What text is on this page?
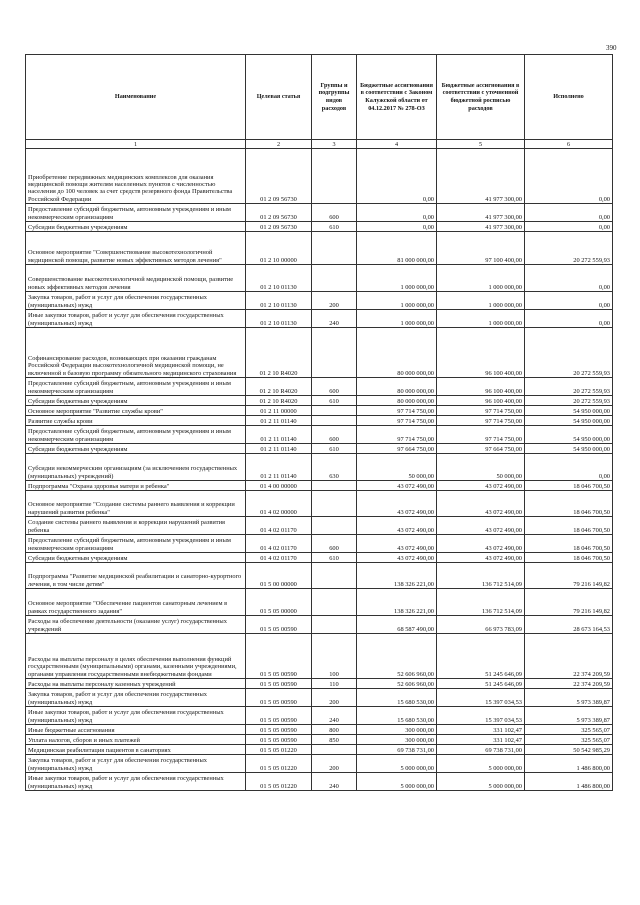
390
Наименование	Целевая статья	Группы и подгруппы видов расходов	Бюджетные ассигнования в соответствии с Законом Калужской области от 04.12.2017 № 278-ОЗ	Бюджетные ассигнования в соответствии с уточненной бюджетной росписью расходов	Исполнено
1	2	3	4	5	6
Приобретение передвижных медицинских комплексов для оказания медицинской помощи жителям населенных пунктов с численностью населения до 100 человек за счет средств резервного фонда Правительства Российской Федерации	01 2 09 56730		0,00	41 977 300,00	0,00
Предоставление субсидий бюджетным, автономным учреждениям и иным некоммерческим организациям	01 2 09 56730	600	0,00	41 977 300,00	0,00
Субсидии бюджетным учреждениям	01 2 09 56730	610	0,00	41 977 300,00	0,00
Основное мероприятие "Совершенствование высокотехнологичной медицинской помощи, развитие новых эффективных методов лечения"	01 2 10 00000		81 000 000,00	97 100 400,00	20 272 559,93
Совершенствование высокотехнологичной медицинской помощи, развитие новых эффективных методов лечения	01 2 10 01130		1 000 000,00	1 000 000,00	0,00
Закупка товаров, работ и услуг для обеспечения государственных (муниципальных) нужд	01 2 10 01130	200	1 000 000,00	1 000 000,00	0,00
Иные закупки товаров, работ и услуг для обеспечения государственных (муниципальных) нужд	01 2 10 01130	240	1 000 000,00	1 000 000,00	0,00
Софинансирование расходов, возникающих при оказании гражданам Российской Федерации высокотехнологичной медицинской помощи, не включенной в базовую программу обязательного медицинского страхования	01 2 10 R4020		80 000 000,00	96 100 400,00	20 272 559,93
Предоставление субсидий бюджетным, автономным учреждениям и иным некоммерческим организациям	01 2 10 R4020	600	80 000 000,00	96 100 400,00	20 272 559,93
Субсидии бюджетным учреждениям	01 2 10 R4020	610	80 000 000,00	96 100 400,00	20 272 559,93
Основное мероприятие "Развитие службы крови"	01 2 11 00000		97 714 750,00	97 714 750,00	54 950 000,00
Развитие службы крови	01 2 11 01140		97 714 750,00	97 714 750,00	54 950 000,00
Предоставление субсидий бюджетным, автономным учреждениям и иным некоммерческим организациям	01 2 11 01140	600	97 714 750,00	97 714 750,00	54 950 000,00
Субсидии бюджетным учреждениям	01 2 11 01140	610	97 664 750,00	97 664 750,00	54 950 000,00
Субсидии некоммерческим организациям (за исключением государственных (муниципальных) учреждений)	01 2 11 01140	630	50 000,00	50 000,00	0,00
Подпрограмма "Охрана здоровья матери и ребенка"	01 4 00 00000		43 072 490,00	43 072 490,00	18 046 700,50
Основное мероприятие "Создание системы раннего выявления и коррекции нарушений развития ребенка"	01 4 02 00000		43 072 490,00	43 072 490,00	18 046 700,50
Создание системы раннего выявления и коррекции нарушений развития ребенка	01 4 02 01170		43 072 490,00	43 072 490,00	18 046 700,50
Предоставление субсидий бюджетным, автономным учреждениям и иным некоммерческим организациям	01 4 02 01170	600	43 072 490,00	43 072 490,00	18 046 700,50
Субсидии бюджетным учреждениям	01 4 02 01170	610	43 072 490,00	43 072 490,00	18 046 700,50
Подпрограмма "Развитие медицинской реабилитации и санаторно-курортного лечения, в том числе детям"	01 5 00 00000		138 326 221,00	136 712 514,09	79 216 149,82
Основное мероприятие "Обеспечение пациентов санаторным лечением в рамках государственного задания"	01 5 05 00000		138 326 221,00	136 712 514,09	79 216 149,82
Расходы на обеспечение деятельности (оказание услуг) государственных учреждений	01 5 05 00590		68 587 490,00	66 973 783,09	28 673 164,53
Расходы на выплаты персоналу в целях обеспечения выполнения функций государственными (муниципальными) органами, казенными учреждениями, органами управления государственными внебюджетными фондами	01 5 05 00590	100	52 606 960,00	51 245 646,09	22 374 209,59
Расходы на выплаты персоналу казенных учреждений	01 5 05 00590	110	52 606 960,00	51 245 646,09	22 374 209,59
Закупка товаров, работ и услуг для обеспечения государственных (муниципальных) нужд	01 5 05 00590	200	15 680 530,00	15 397 034,53	5 973 389,87
Иные закупки товаров, работ и услуг для обеспечения государственных (муниципальных) нужд	01 5 05 00590	240	15 680 530,00	15 397 034,53	5 973 389,87
Иные бюджетные ассигнования	01 5 05 00590	800	300 000,00	331 102,47	325 565,07
Уплата налогов, сборов и иных платежей	01 5 05 00590	850	300 000,00	331 102,47	325 565,07
Медицинская реабилитация пациентов в санаториях	01 5 05 01220		69 738 731,00	69 738 731,00	50 542 985,29
Закупка товаров, работ и услуг для обеспечения государственных (муниципальных) нужд	01 5 05 01220	200	5 000 000,00	5 000 000,00	1 486 800,00
Иные закупки товаров, работ и услуг для обеспечения государственных (муниципальных) нужд	01 5 05 01220	240	5 000 000,00	5 000 000,00	1 486 800,00
